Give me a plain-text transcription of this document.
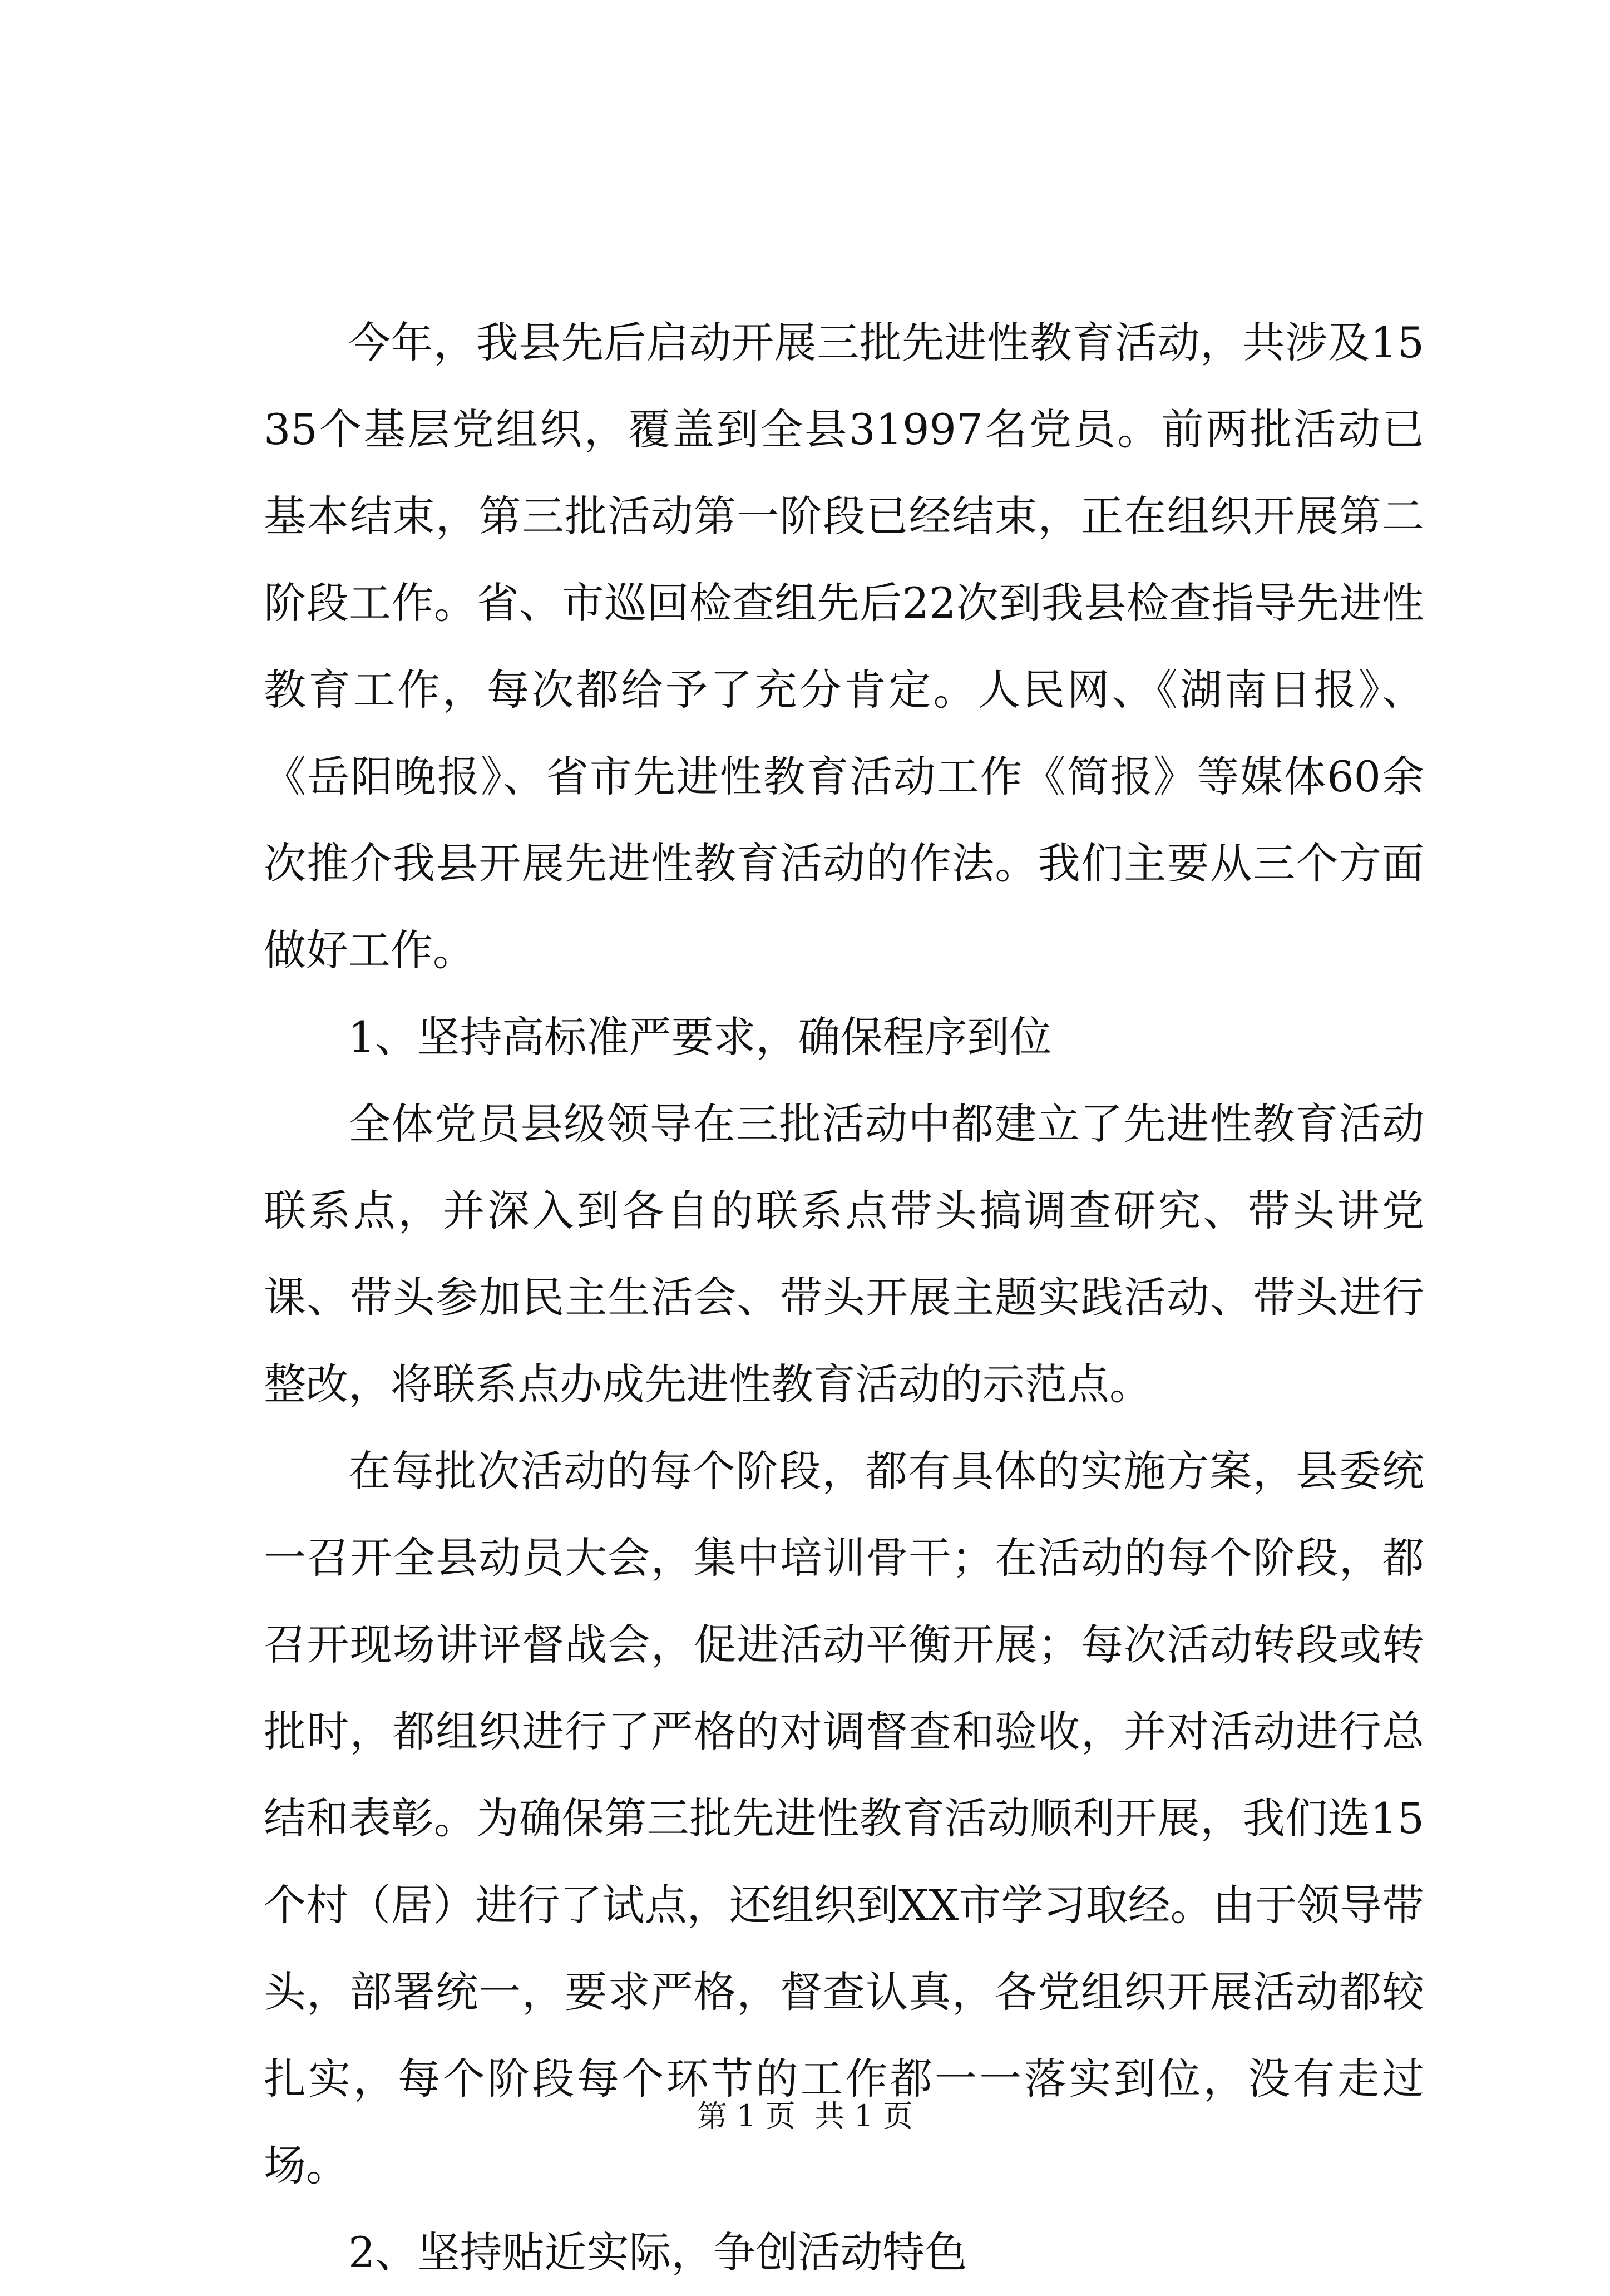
今年，我县先后启动开展三批先进性教育活动，共涉及1535个基层党组织，覆盖到全县31997名党员。前两批活动已基本结束，第三批活动第一阶段已经结束，正在组织开展第二阶段工作。省、市巡回检查组先后22次到我县检查指导先进性教育工作，每次都给予了充分肯定。人民网、《湖南日报》、《岳阳晚报》、省市先进性教育活动工作《简报》等媒体60余次推介我县开展先进性教育活动的作法。我们主要从三个方面做好工作。

1、坚持高标准严要求，确保程序到位

全体党员县级领导在三批活动中都建立了先进性教育活动联系点，并深入到各自的联系点带头搞调查研究、带头讲党课、带头参加民主生活会、带头开展主题实践活动、带头进行整改，将联系点办成先进性教育活动的示范点。

在每批次活动的每个阶段，都有具体的实施方案，县委统一召开全县动员大会，集中培训骨干；在活动的每个阶段，都召开现场讲评督战会，促进活动平衡开展；每次活动转段或转批时，都组织进行了严格的对调督查和验收，并对活动进行总结和表彰。为确保第三批先进性教育活动顺利开展，我们选15个村（居）进行了试点，还组织到XX市学习取经。由于领导带头，部署统一，要求严格，督查认真，各党组织开展活动都较扎实，每个阶段每个环节的工作都一一落实到位，没有走过场。

2、坚持贴近实际，争创活动特色

第 1 页  共 1 页
